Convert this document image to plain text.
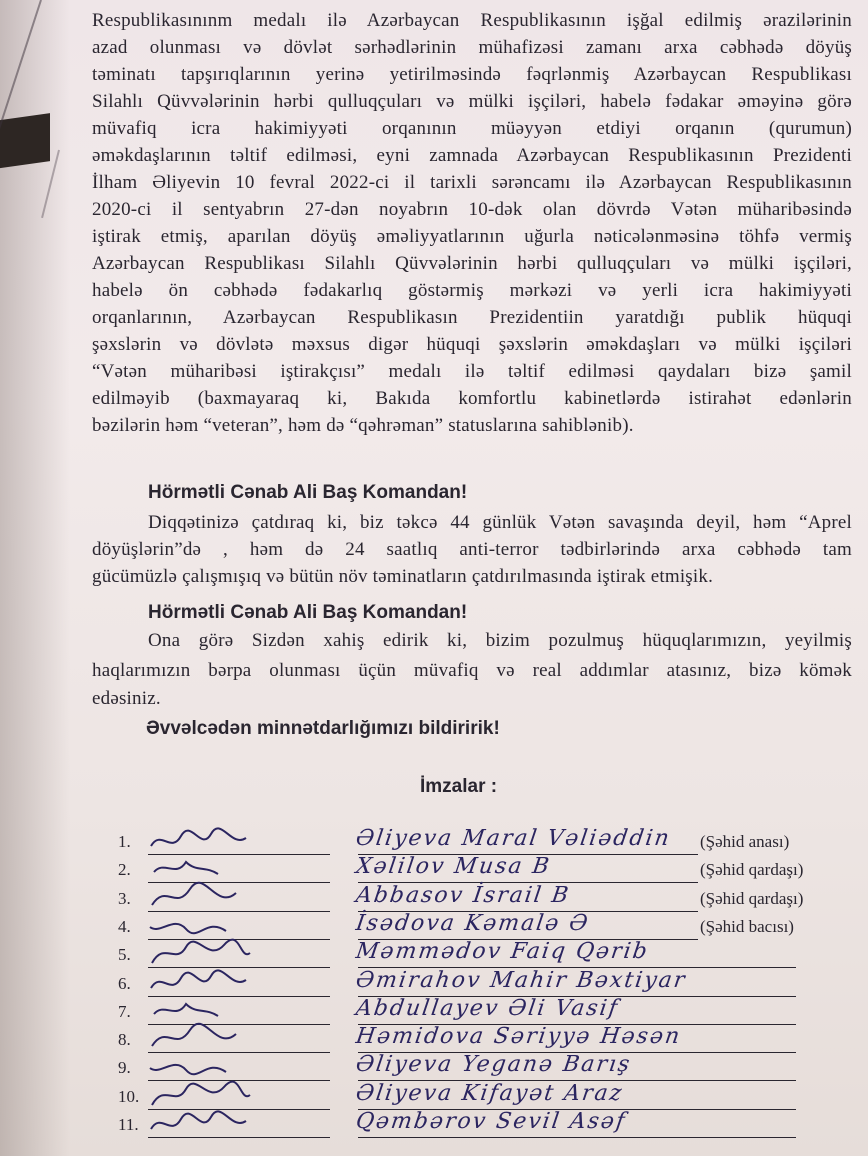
Respublikasınınm medalı ilə Azərbaycan Respublikasının işğal edilmiş ərazilərinin
azad olunması və dövlət sərhədlərinin mühafizəsi zamanı arxa cəbhədə döyüş
təminatı tapşırıqlarının yerinə yetirilməsində fəqrlənmiş Azərbaycan Respublikası
Silahlı Qüvvələrinin hərbi qulluqçuları və mülki işçiləri, habelə fədakar əməyinə görə
müvafiq icra hakimiyyəti orqanının müəyyən etdiyi orqanın (qurumun)
əməkdaşlarının təltif edilməsi, eyni zamnada Azərbaycan Respublikasının Prezidenti
İlham Əliyevin 10 fevral 2022-ci il tarixli sərəncamı ilə Azərbaycan Respublikasının
2020-ci il sentyabrın 27-dən noyabrın 10-dək olan dövrdə Vətən müharibəsində
iştirak etmiş, aparılan döyüş əməliyyatlarının uğurla nəticələnməsinə töhfə vermiş
Azərbaycan Respublikası Silahlı Qüvvələrinin hərbi qulluqçuları və mülki işçiləri,
habelə ön cəbhədə fədakarlıq göstərmiş mərkəzi və yerli icra hakimiyyəti
orqanlarının, Azərbaycan Respublikasın Prezidentiin yaratdığı publik hüquqi
şəxslərin və dövlətə məxsus digər hüquqi şəxslərin əməkdaşları və mülki işçiləri
“Vətən müharibəsi iştirakçısı” medalı ilə təltif edilməsi qaydaları bizə şamil
edilməyib (baxmayaraq ki, Bakıda komfortlu kabinetlərdə istirahət edənlərin
bəzilərin həm “veteran”, həm də “qəhrəman” statuslarına sahiblənib).
Hörmətli Cənab Ali Baş Komandan!
Diqqətinizə çatdıraq ki, biz təkcə 44 günlük Vətən savaşında deyil, həm “Aprel
döyüşlərin”də , həm də 24 saatlıq anti-terror tədbirlərində arxa cəbhədə tam
gücümüzlə çalışmışıq və bütün növ təminatların çatdırılmasında iştirak etmişik.
Hörmətli Cənab Ali Baş Komandan!
Ona görə Sizdən xahiş edirik ki, bizim pozulmuş hüquqlarımızın, yeyilmiş
haqlarımızın bərpa olunması üçün müvafiq və real addımlar atasınız, bizə kömək
edəsiniz.
Əvvəlcədən minnətdarlığımızı bildiririk!
İmzalar :
1.	Əliyeva Maral Vəliəddin (Şəhid anası)
2.	Xəlilov Musa B	(Şəhid qardaşı)
3.	Abbasov İsrail B	(Şəhid qardaşı)
4.	İsədova Kəmalə Ə	(Şəhid bacısı)
5.	Məmmədov Faiq Qərib
6.	Əmirahov Mahir Bəxtiyar
7.	Abdullayev Əli Vasif
8.	Həmidova Səriyyə Həsən
9.	Əliyeva Yeganə Barış
10.	Əliyeva Kifayət Araz
11.	Qəmbərov Sevil Asəf
